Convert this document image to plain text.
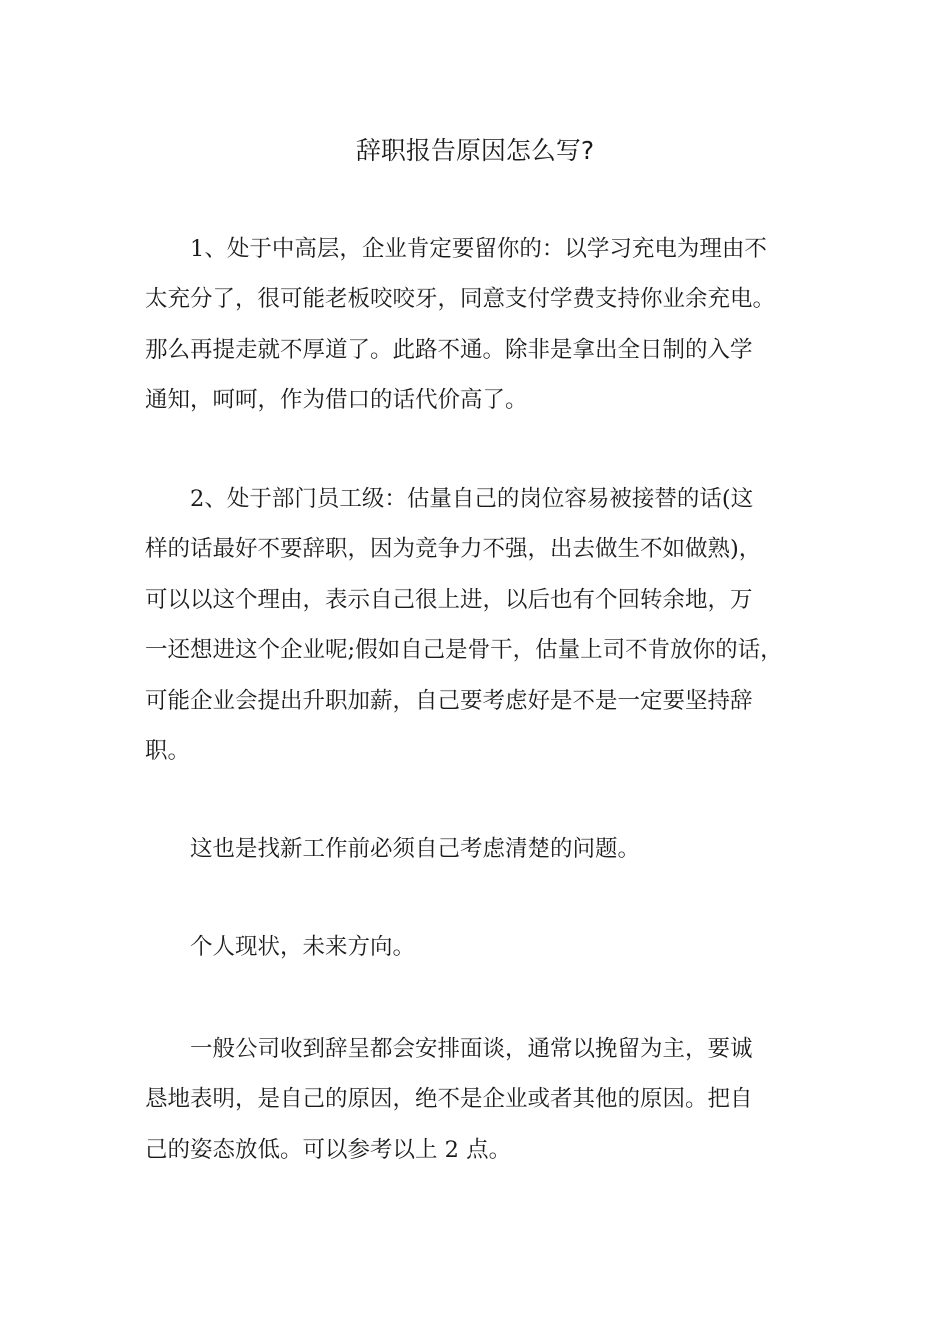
辞职报告原因怎么写?
1、处于中高层，企业肯定要留你的：以学习充电为理由不
太充分了，很可能老板咬咬牙，同意支付学费支持你业余充电。
那么再提走就不厚道了。此路不通。除非是拿出全日制的入学
通知，呵呵，作为借口的话代价高了。
2、处于部门员工级：估量自己的岗位容易被接替的话(这
样的话最好不要辞职，因为竞争力不强，出去做生不如做熟)，
可以以这个理由，表示自己很上进，以后也有个回转余地，万
一还想进这个企业呢;假如自己是骨干，估量上司不肯放你的话，
可能企业会提出升职加薪，自己要考虑好是不是一定要坚持辞
职。
这也是找新工作前必须自己考虑清楚的问题。
个人现状，未来方向。
一般公司收到辞呈都会安排面谈，通常以挽留为主，要诚
恳地表明，是自己的原因，绝不是企业或者其他的原因。把自
己的姿态放低。可以参考以上 2 点。
